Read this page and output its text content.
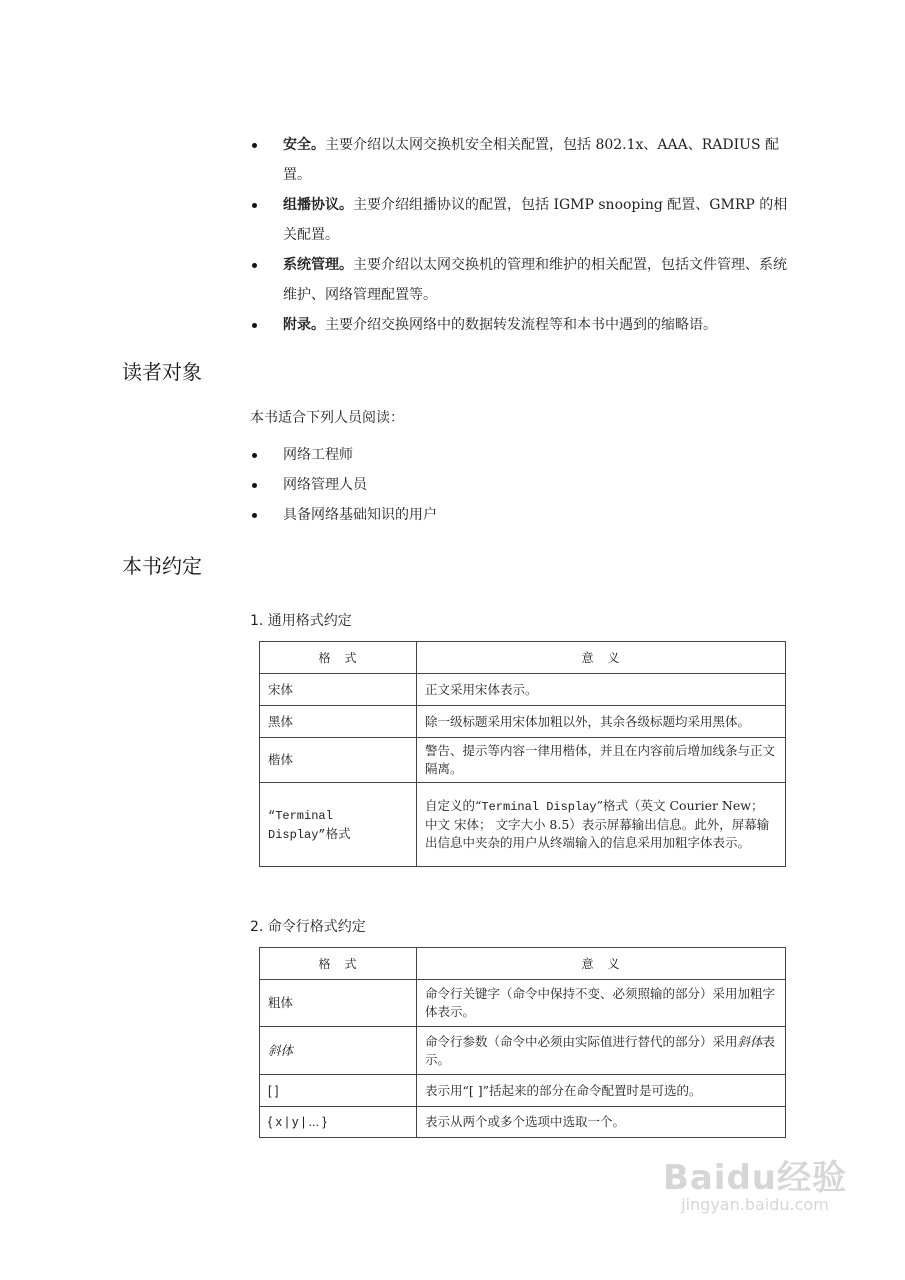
安全。主要介绍以太网交换机安全相关配置，包括 802.1x、AAA、RADIUS 配置。
组播协议。主要介绍组播协议的配置，包括 IGMP snooping 配置、GMRP 的相关配置。
系统管理。主要介绍以太网交换机的管理和维护的相关配置，包括文件管理、系统维护、网络管理配置等。
附录。主要介绍交换网络中的数据转发流程等和本书中遇到的缩略语。
读者对象
本书适合下列人员阅读：
网络工程师
网络管理人员
具备网络基础知识的用户
本书约定
1. 通用格式约定
格　式	意　义
宋体	正文采用宋体表示。
黑体	除一级标题采用宋体加粗以外，其余各级标题均采用黑体。
楷体	警告、提示等内容一律用楷体，并且在内容前后增加线条与正文隔离。
“Terminal Display”格式	自定义的“Terminal Display”格式（英文 Courier New； 中文 宋体； 文字大小 8.5）表示屏幕输出信息。此外，屏幕输出信息中夹杂的用户从终端输入的信息采用加粗字体表示。
2. 命令行格式约定
格　式	意　义
粗体	命令行关键字（命令中保持不变、必须照输的部分）采用加粗字体表示。
斜体	命令行参数（命令中必须由实际值进行替代的部分）采用斜体表示。
[ ]	表示用“[ ]”括起来的部分在命令配置时是可选的。
{ x | y | ... }	表示从两个或多个选项中选取一个。
Baidu经验
jingyan.baidu.com
